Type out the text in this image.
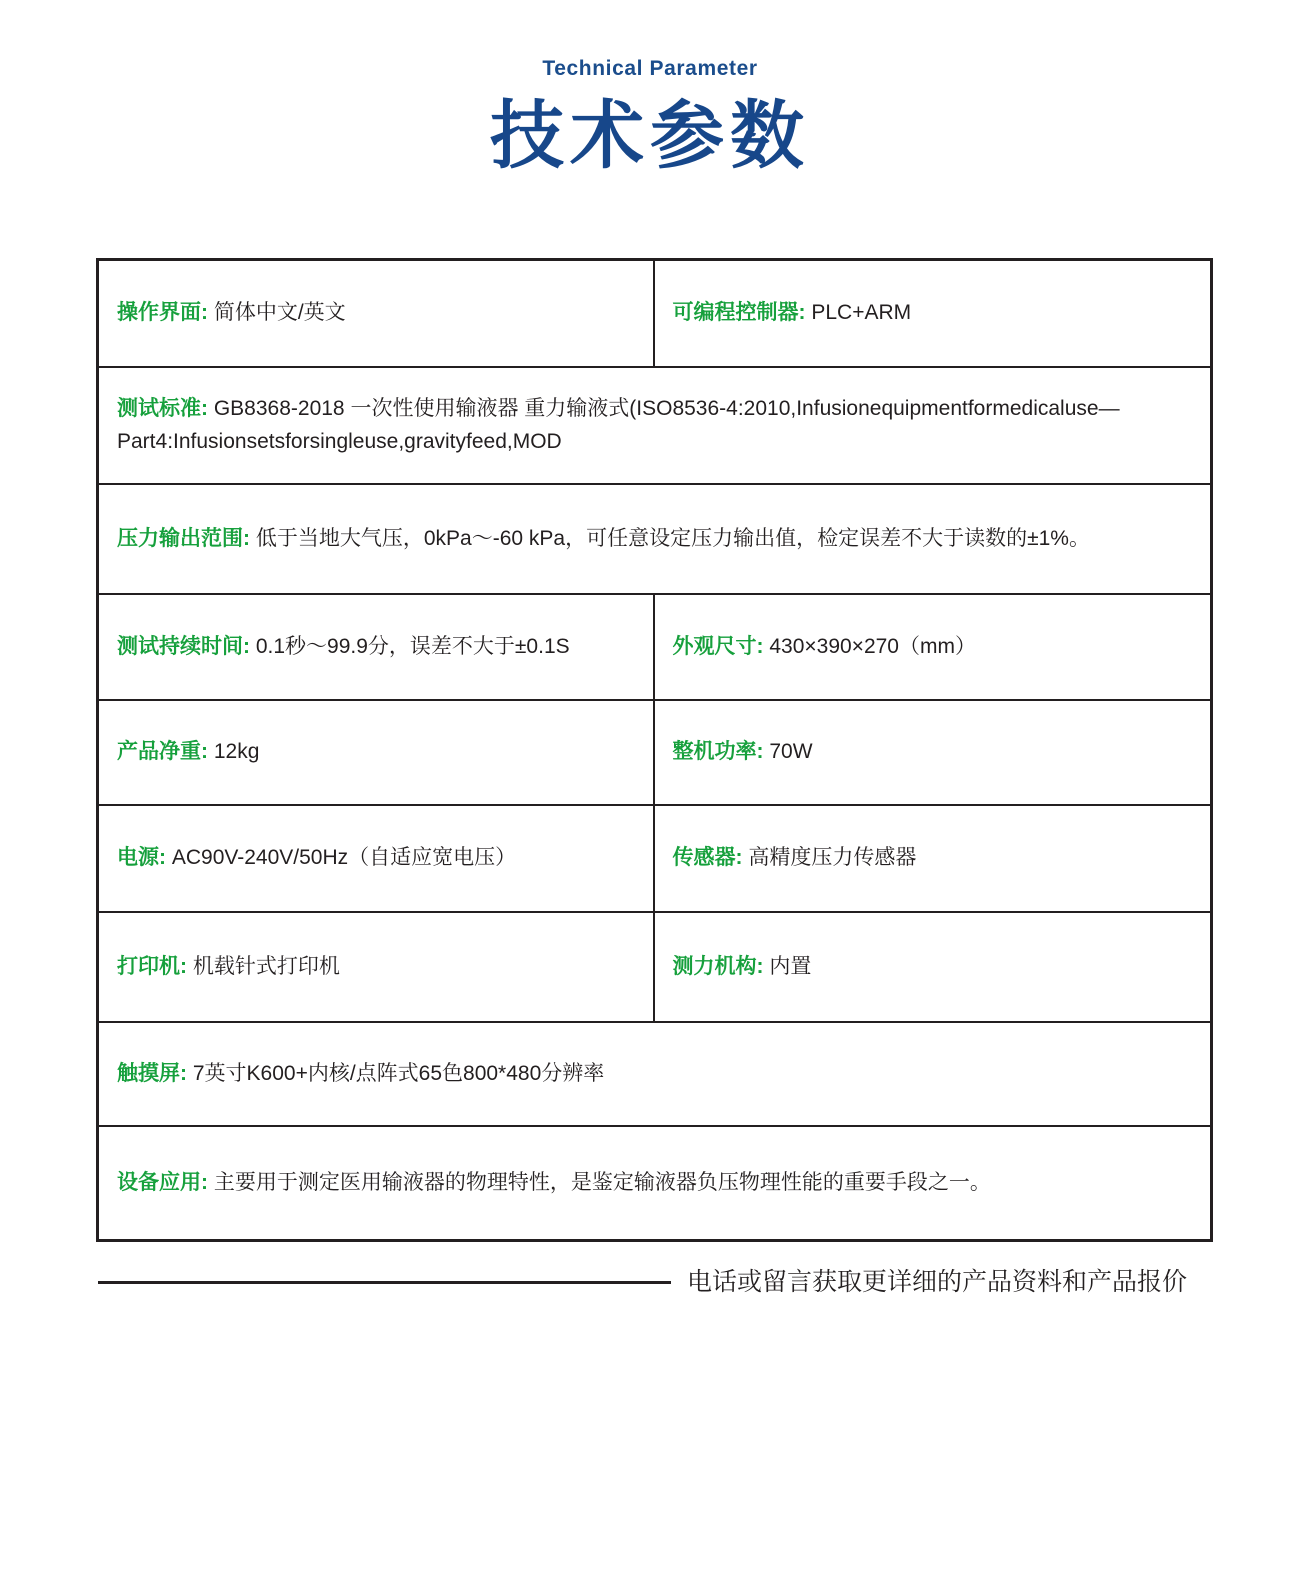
Technical Parameter
技术参数
操作界面: 简体中文/英文	可编程控制器: PLC+ARM
测试标准: GB8368-2018 一次性使用输液器 重力输液式(ISO8536-4:2010,Infusionequipmentformedicaluse—Part4:Infusionsetsforsingleuse,gravityfeed,MOD
压力输出范围: 低于当地大气压，0kPa～-60 kPa，可任意设定压力输出值，检定误差不大于读数的±1%。
测试持续时间: 0.1秒～99.9分，误差不大于±0.1S	外观尺寸: 430×390×270（mm）
产品净重: 12kg	整机功率: 70W
电源: AC90V-240V/50Hz（自适应宽电压）	传感器: 高精度压力传感器
打印机: 机载针式打印机	测力机构: 内置
触摸屏: 7英寸K600+内核/点阵式65色800*480分辨率
设备应用: 主要用于测定医用输液器的物理特性，是鉴定输液器负压物理性能的重要手段之一。
电话或留言获取更详细的产品资料和产品报价
